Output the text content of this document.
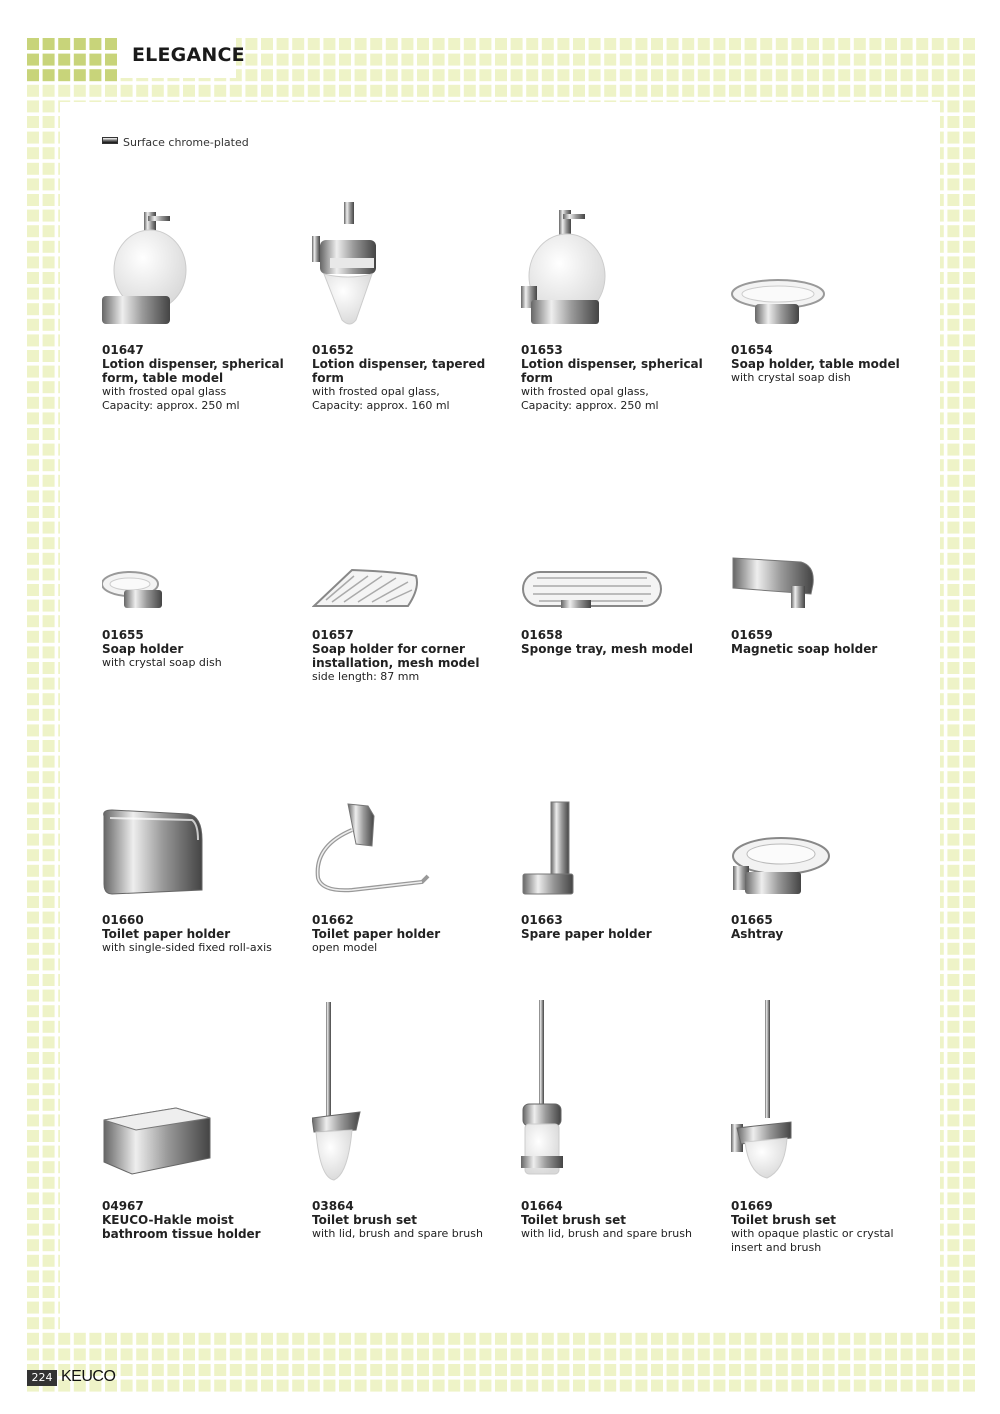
ELEGANCE
Surface chrome-plated
01647
Lotion dispenser, spherical form, table model
with frosted opal glass
Capacity: approx. 250 ml
01652
Lotion dispenser, tapered form
with frosted opal glass,
Capacity: approx. 160 ml
01653
Lotion dispenser, spherical form
with frosted opal glass,
Capacity: approx. 250 ml
01654
Soap holder, table model
with crystal soap dish
01655
Soap holder
with crystal soap dish
01657
Soap holder for corner installation, mesh model
side length: 87 mm
01658
Sponge tray, mesh model
01659
Magnetic soap holder
01660
Toilet paper holder
with single-sided fixed roll-axis
01662
Toilet paper holder
open model
01663
Spare paper holder
01665
Ashtray
04967
KEUCO-Hakle moist bathroom tissue holder
03864
Toilet brush set
with lid, brush and spare brush
01664
Toilet brush set
with lid, brush and spare brush
01669
Toilet brush set
with opaque plastic or crystal
insert and brush
224 KEUCO
